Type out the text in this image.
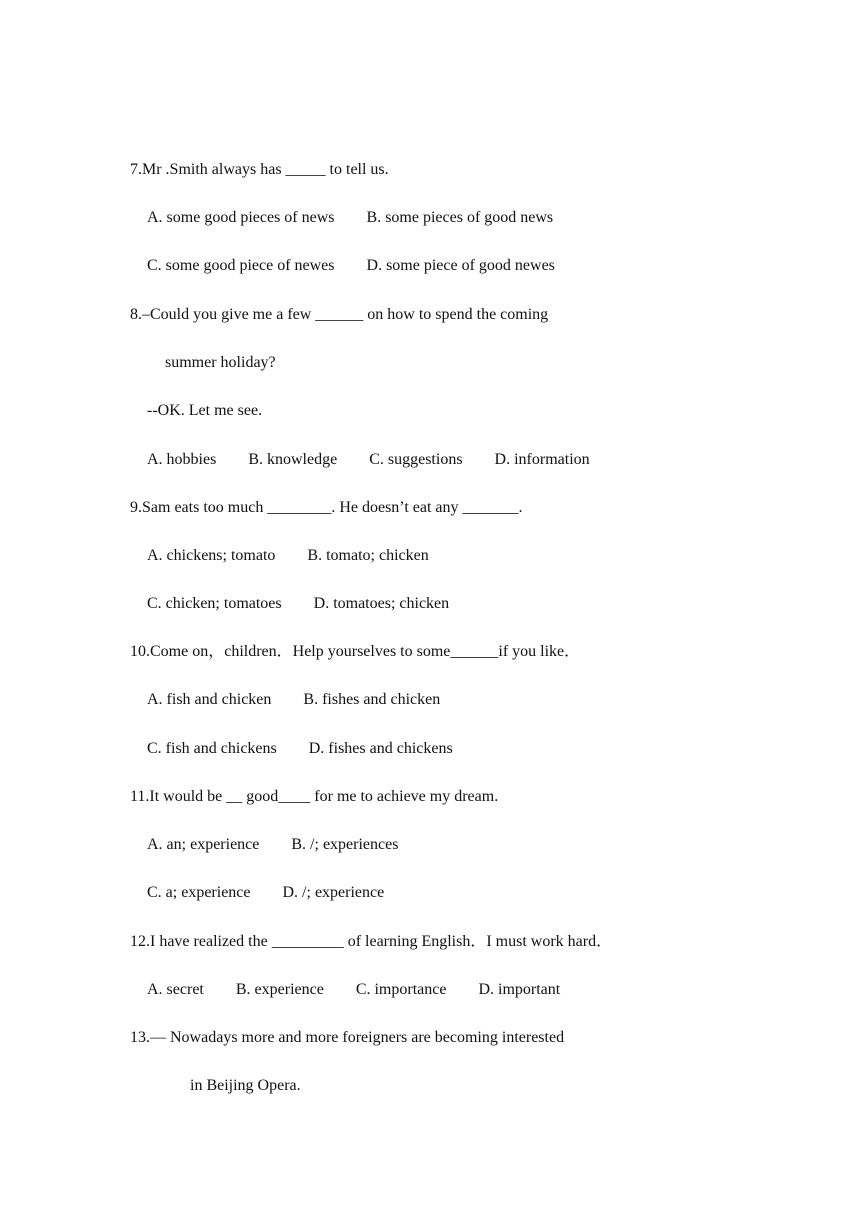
7.Mr .Smith always has _____ to tell us.
A. some good pieces of news        B. some pieces of good news
C. some good piece of newes        D. some piece of good newes
8.–Could you give me a few ______ on how to spend the coming
summer holiday?
--OK. Let me see.
A. hobbies        B. knowledge        C. suggestions        D. information
9.Sam eats too much ________. He doesn’t eat any _______.
A. chickens; tomato        B. tomato; chicken
C. chicken; tomatoes        D. tomatoes; chicken
10.Come on，children．Help yourselves to some______if you like．
A. fish and chicken        B. fishes and chicken
C. fish and chickens        D. fishes and chickens
11.It would be __ good____ for me to achieve my dream.
A. an; experience        B. /; experiences
C. a; experience        D. /; experience
12.I have realized the _________ of learning English．I must work hard．
A. secret        B. experience        C. importance        D. important
13.— Nowadays more and more foreigners are becoming interested
in Beijing Opera.
